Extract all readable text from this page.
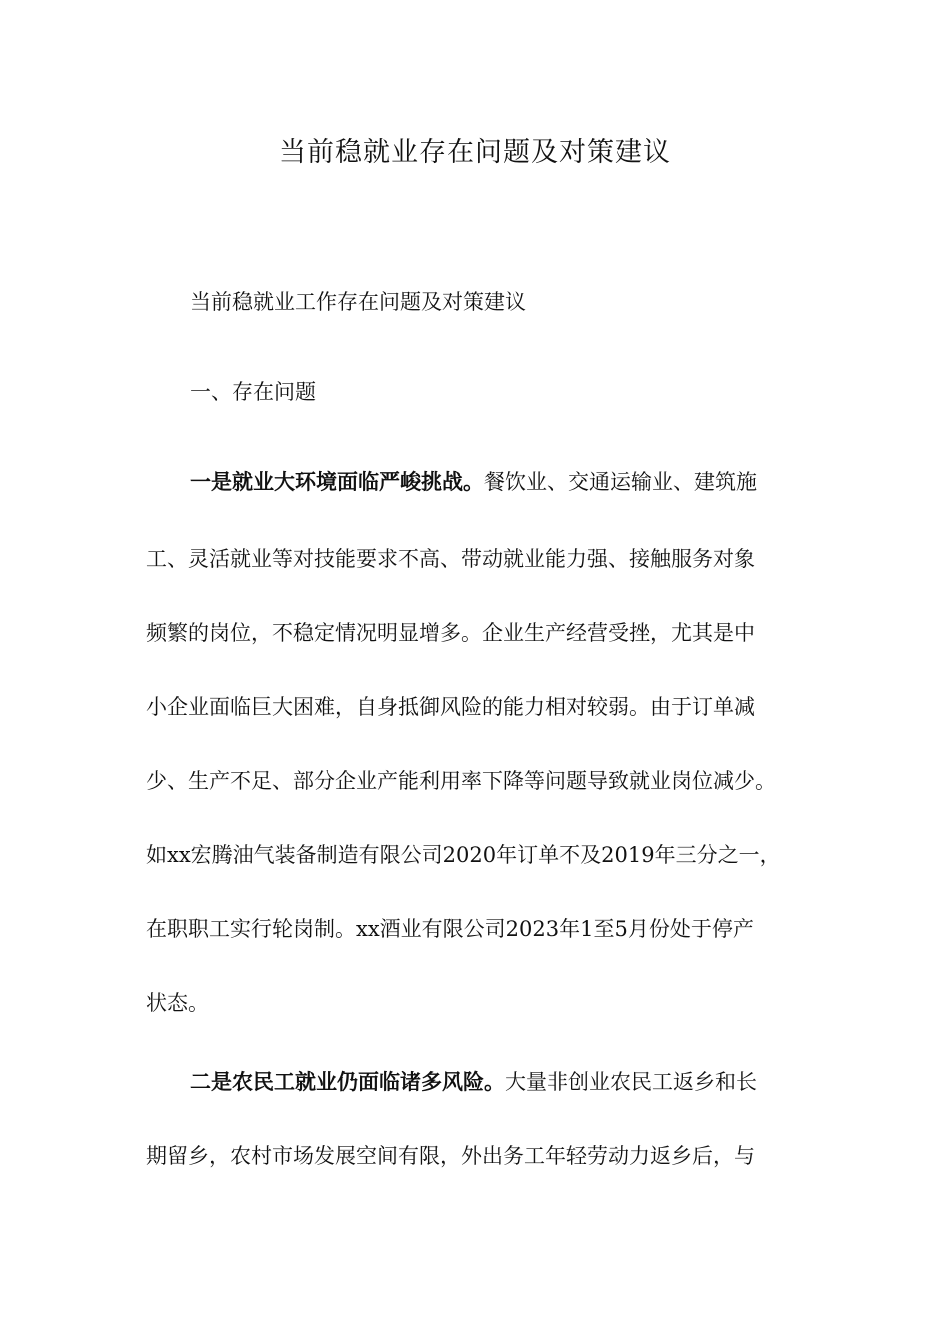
当前稳就业存在问题及对策建议
当前稳就业工作存在问题及对策建议
一、存在问题
一是就业大环境面临严峻挑战。餐饮业、交通运输业、建筑施
工、灵活就业等对技能要求不高、带动就业能力强、接触服务对象
频繁的岗位，不稳定情况明显增多。企业生产经营受挫，尤其是中
小企业面临巨大困难，自身抵御风险的能力相对较弱。由于订单减
少、生产不足、部分企业产能利用率下降等问题导致就业岗位减少。
如xx宏腾油气装备制造有限公司2020年订单不及2019年三分之一，
在职职工实行轮岗制。xx酒业有限公司2023年1至5月份处于停产
状态。
二是农民工就业仍面临诸多风险。大量非创业农民工返乡和长
期留乡，农村市场发展空间有限，外出务工年轻劳动力返乡后，与
